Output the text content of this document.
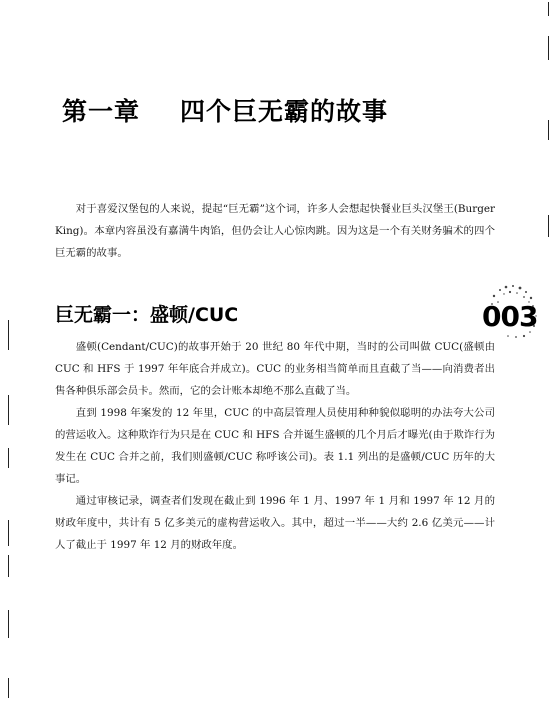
第一章 四个巨无霸的故事

对于喜爱汉堡包的人来说，提起“巨无霸”这个词，许多人会想起快餐业巨头汉堡王(Burger King)。本章内容虽没有嘉满牛肉馅，但仍会让人心惊肉跳。因为这是一个有关财务骗术的四个巨无霸的故事。

巨无霸一：盛顿/CUC	003

盛顿(Cendant/CUC)的故事开始于 20 世纪 80 年代中期，当时的公司叫做 CUC(盛顿由 CUC 和 HFS 于 1997 年年底合并成立)。CUC 的业务相当简单而且直截了当——向消费者出售各种俱乐部会员卡。然而，它的会计账本却绝不那么直截了当。

直到 1998 年案发的 12 年里，CUC 的中高层管理人员使用种种貌似聪明的办法夸大公司的营运收入。这种欺诈行为只是在 CUC 和 HFS 合并诞生盛顿的几个月后才曝光(由于欺诈行为发生在 CUC 合并之前，我们则盛顿/CUC 称呼该公司)。表 1.1 列出的是盛顿/CUC 历年的大事记。

通过审核记录，调查者们发现在截止到 1996 年 1 月、1997 年 1 月和 1997 年 12 月的财政年度中，共计有 5 亿多美元的虚构营运收入。其中，超过一半——大约 2.6 亿美元——计人了截止于 1997 年 12 月的财政年度。
